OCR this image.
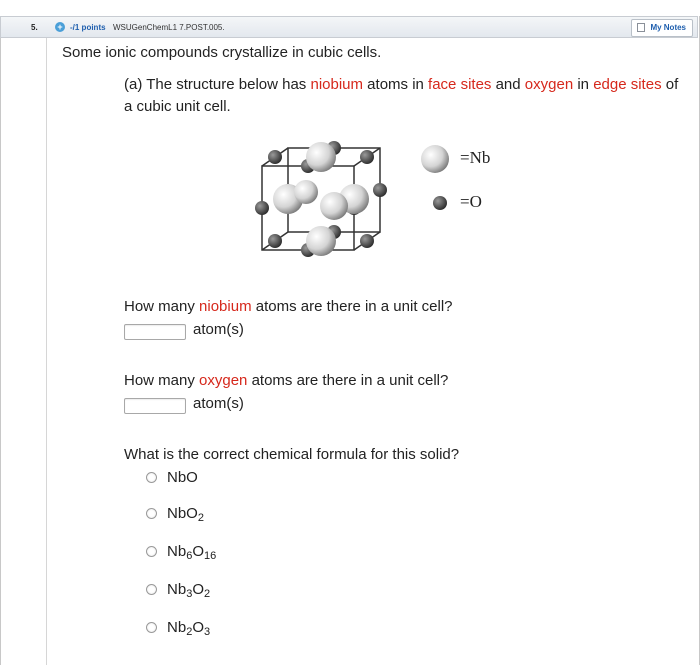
5. + -/1 points WSUGenChemL1 7.POST.005.	My Notes
Some ionic compounds crystallize in cubic cells.
(a) The structure below has niobium atoms in face sites and oxygen in edge sites of a cubic unit cell.
=Nb
=O
How many niobium atoms are there in a unit cell?
atom(s)
How many oxygen atoms are there in a unit cell?
atom(s)
What is the correct chemical formula for this solid?
NbO
NbO$_2$
$Nb_6O_{16}$
$Nb_3O_2$
$Nb_2O_3$
